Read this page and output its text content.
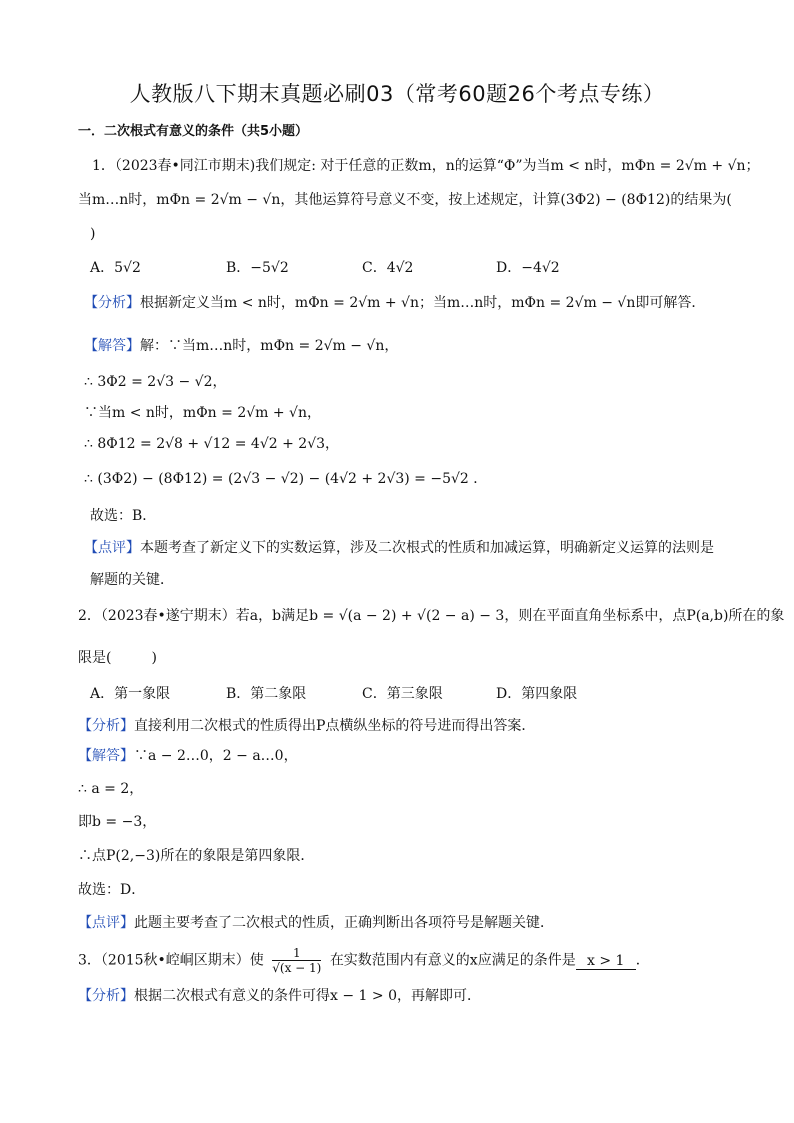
人教版八下期末真题必刷03（常考60题26个考点专练）
一．二次根式有意义的条件（共5小题）
1．（2023春•同江市期末)我们规定: 对于任意的正数m，n的运算“Φ”为当m < n时，mΦn = 2√m + √n；
当m…n时，mΦn = 2√m − √n，其他运算符号意义不变，按上述规定，计算(3Φ2) − (8Φ12)的结果为(
)
A．5√2	B．−5√2	C．4√2	D．−4√2
【分析】根据新定义当m < n时，mΦn = 2√m + √n；当m…n时，mΦn = 2√m − √n即可解答．
【解答】解：∵当m…n时，mΦn = 2√m − √n，
∴ 3Φ2 = 2√3 − √2，
∵当m < n时，mΦn = 2√m + √n，
∴ 8Φ12 = 2√8 + √12 = 4√2 + 2√3，
∴ (3Φ2) − (8Φ12) = (2√3 − √2) − (4√2 + 2√3) = −5√2 ．
故选：B．
【点评】本题考查了新定义下的实数运算，涉及二次根式的性质和加减运算，明确新定义运算的法则是
解题的关键．
2．（2023春•遂宁期末）若a，b满足b = √(a − 2) + √(2 − a) − 3，则在平面直角坐标系中，点P(a,b)所在的象
限是(	)
A．第一象限	B．第二象限	C．第三象限	D．第四象限
【分析】直接利用二次根式的性质得出P点横纵坐标的符号进而得出答案．
【解答】∵a − 2…0，2 − a…0，
∴ a = 2，
即b = −3，
∴点P(2,−3)所在的象限是第四象限．
故选：D．
【点评】此题主要考查了二次根式的性质，正确判断出各项符号是解题关键．
3．（2015秋•崆峒区期末）使 $\frac{1}{√(x - 1)}$ 在实数范围内有意义的x应满足的条件是 x > 1 ．
【分析】根据二次根式有意义的条件可得x − 1 > 0，再解即可．
